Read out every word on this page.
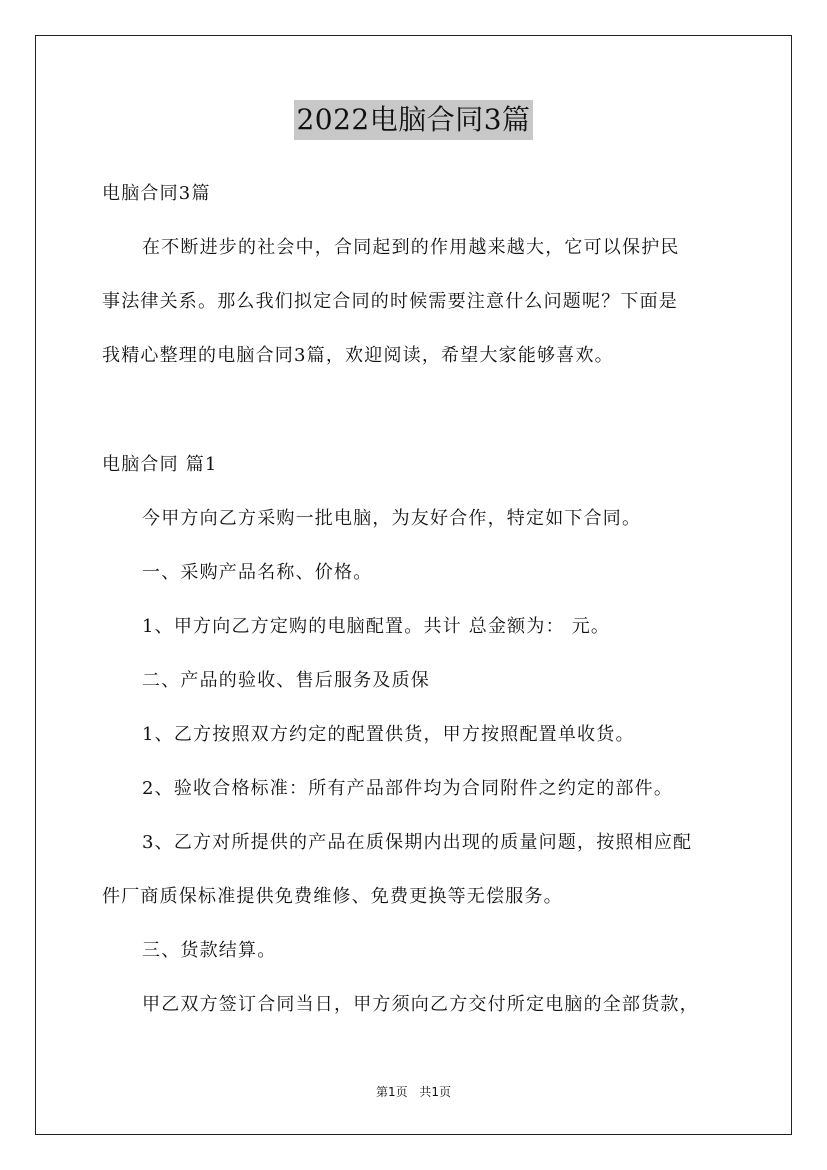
2022电脑合同3篇
电脑合同3篇
在不断进步的社会中，合同起到的作用越来越大，它可以保护民
事法律关系。那么我们拟定合同的时候需要注意什么问题呢？下面是
我精心整理的电脑合同3篇，欢迎阅读，希望大家能够喜欢。
电脑合同 篇1
今甲方向乙方采购一批电脑，为友好合作，特定如下合同。
一、采购产品名称、价格。
1、甲方向乙方定购的电脑配置。共计 总金额为： 元。
二、产品的验收、售后服务及质保
1、乙方按照双方约定的配置供货，甲方按照配置单收货。
2、验收合格标准：所有产品部件均为合同附件之约定的部件。
3、乙方对所提供的产品在质保期内出现的质量问题，按照相应配
件厂商质保标准提供免费维修、免费更换等无偿服务。
三、货款结算。
甲乙双方签订合同当日，甲方须向乙方交付所定电脑的全部货款，
第1页 共1页
